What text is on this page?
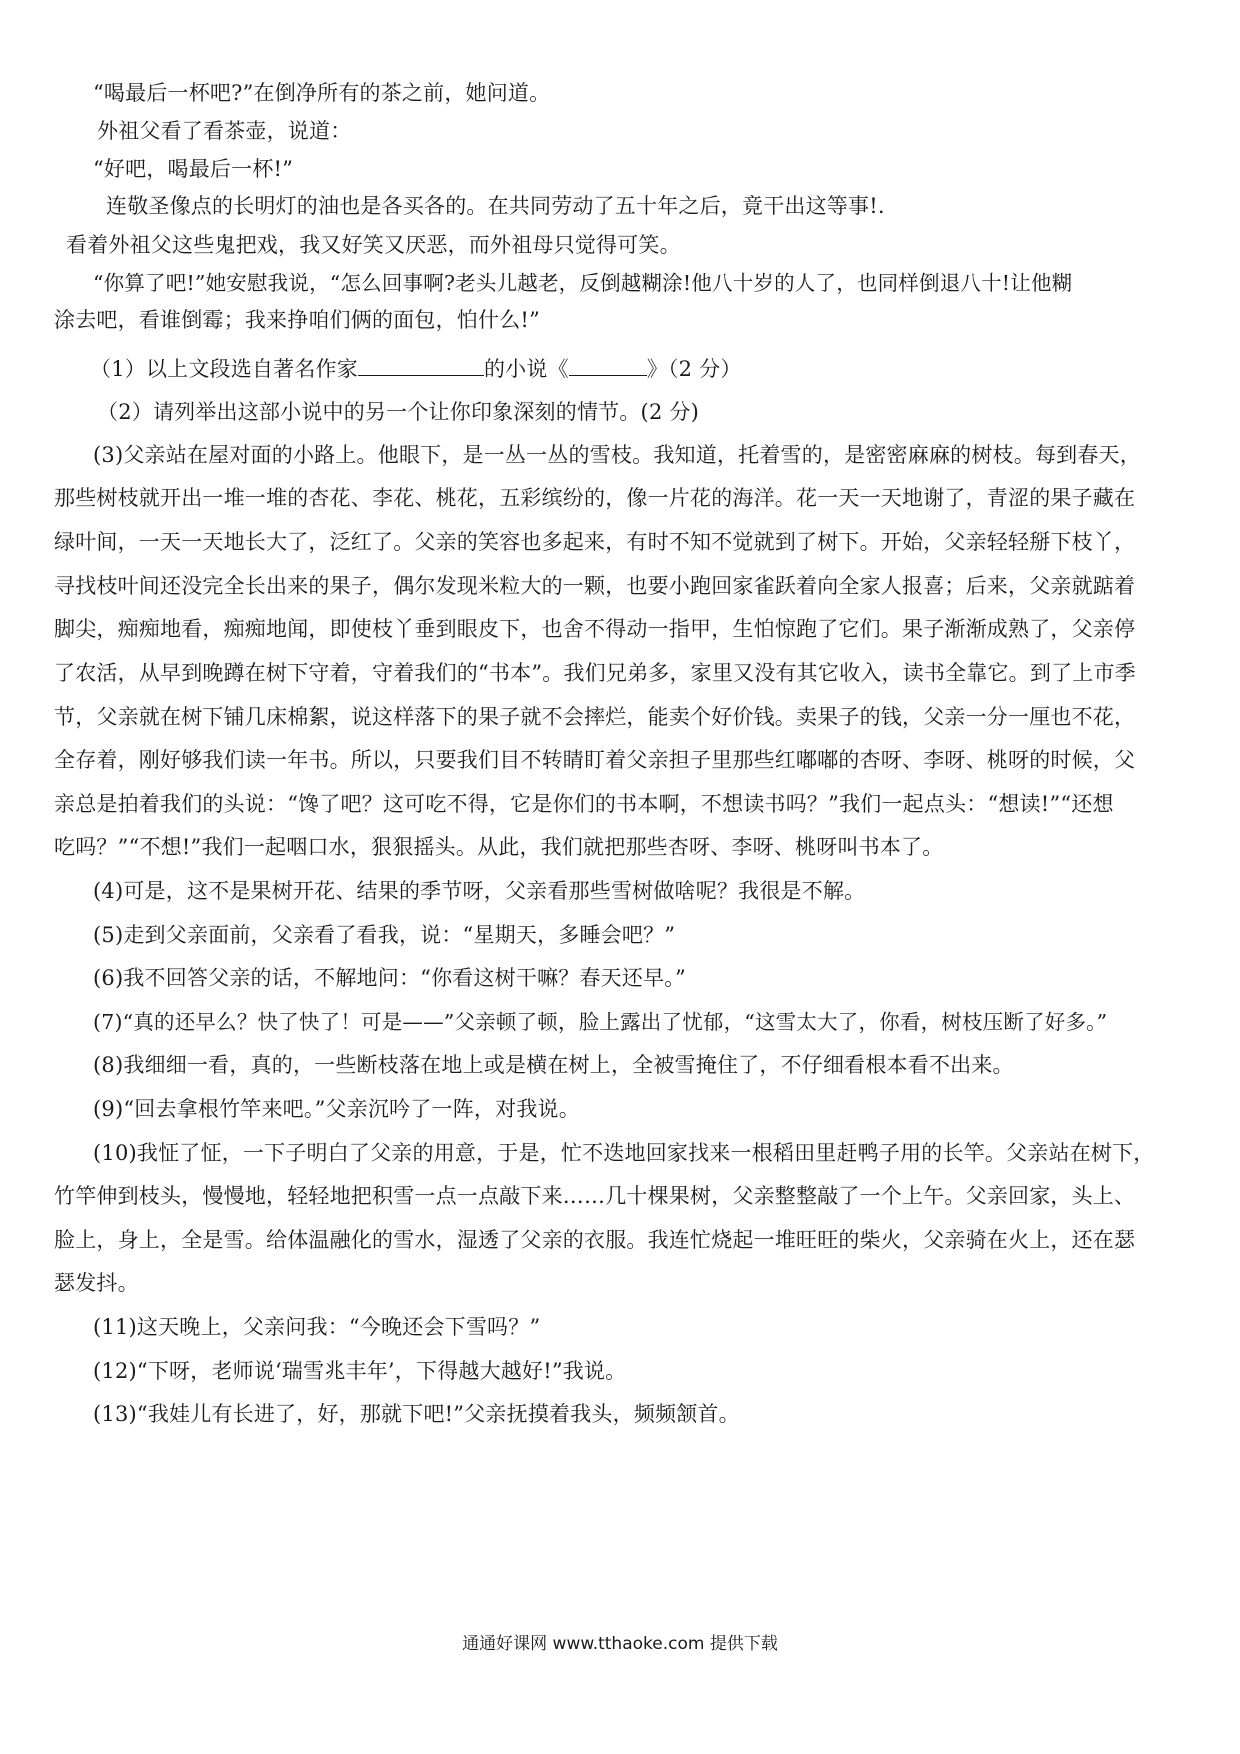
“喝最后一杯吧?”在倒净所有的茶之前，她问道。
外祖父看了看茶壶，说道：
“好吧，喝最后一杯!”
连敬圣像点的长明灯的油也是各买各的。在共同劳动了五十年之后，竟干出这等事!.
看着外祖父这些鬼把戏，我又好笑又厌恶，而外祖母只觉得可笑。
“你算了吧!”她安慰我说，“怎么回事啊?老头儿越老，反倒越糊涂!他八十岁的人了，也同样倒退八十!让他糊
涂去吧，看谁倒霉；我来挣咱们俩的面包，怕什么!”
（1）以上文段选自著名作家	的小说《	》（2 分）
（2）请列举出这部小说中的另一个让你印象深刻的情节。(2 分)
(3)父亲站在屋对面的小路上。他眼下，是一丛一丛的雪枝。我知道，托着雪的，是密密麻麻的树枝。每到春天，
那些树枝就开出一堆一堆的杏花、李花、桃花，五彩缤纷的，像一片花的海洋。花一天一天地谢了，青涩的果子藏在
绿叶间，一天一天地长大了，泛红了。父亲的笑容也多起来，有时不知不觉就到了树下。开始，父亲轻轻掰下枝丫，
寻找枝叶间还没完全长出来的果子，偶尔发现米粒大的一颗，也要小跑回家雀跃着向全家人报喜；后来，父亲就踮着
脚尖，痴痴地看，痴痴地闻，即使枝丫垂到眼皮下，也舍不得动一指甲，生怕惊跑了它们。果子渐渐成熟了，父亲停
了农活，从早到晚蹲在树下守着，守着我们的“书本”。我们兄弟多，家里又没有其它收入，读书全靠它。到了上市季
节，父亲就在树下铺几床棉絮，说这样落下的果子就不会摔烂，能卖个好价钱。卖果子的钱，父亲一分一厘也不花，
全存着，刚好够我们读一年书。所以，只要我们目不转睛盯着父亲担子里那些红嘟嘟的杏呀、李呀、桃呀的时候，父
亲总是拍着我们的头说：“馋了吧？这可吃不得，它是你们的书本啊，不想读书吗？”我们一起点头：“想读!”“还想
吃吗？”“不想!”我们一起咽口水，狠狠摇头。从此，我们就把那些杏呀、李呀、桃呀叫书本了。
(4)可是，这不是果树开花、结果的季节呀，父亲看那些雪树做啥呢？我很是不解。
(5)走到父亲面前，父亲看了看我，说：“星期天，多睡会吧？”
(6)我不回答父亲的话，不解地问：“你看这树干嘛？春天还早。”
(7)“真的还早么？快了快了！可是——”父亲顿了顿，脸上露出了忧郁，“这雪太大了，你看，树枝压断了好多。”
(8)我细细一看，真的，一些断枝落在地上或是横在树上，全被雪掩住了，不仔细看根本看不出来。
(9)“回去拿根竹竿来吧。”父亲沉吟了一阵，对我说。
(10)我怔了怔，一下子明白了父亲的用意，于是，忙不迭地回家找来一根稻田里赶鸭子用的长竿。父亲站在树下，
竹竿伸到枝头，慢慢地，轻轻地把积雪一点一点敲下来……几十棵果树，父亲整整敲了一个上午。父亲回家，头上、
脸上，身上，全是雪。给体温融化的雪水，湿透了父亲的衣服。我连忙烧起一堆旺旺的柴火，父亲骑在火上，还在瑟
瑟发抖。
(11)这天晚上，父亲问我：“今晚还会下雪吗？”
(12)“下呀，老师说‘瑞雪兆丰年’，下得越大越好!”我说。
(13)“我娃儿有长进了，好，那就下吧!”父亲抚摸着我头，频频颔首。
通通好课网 www.tthaoke.com 提供下载
